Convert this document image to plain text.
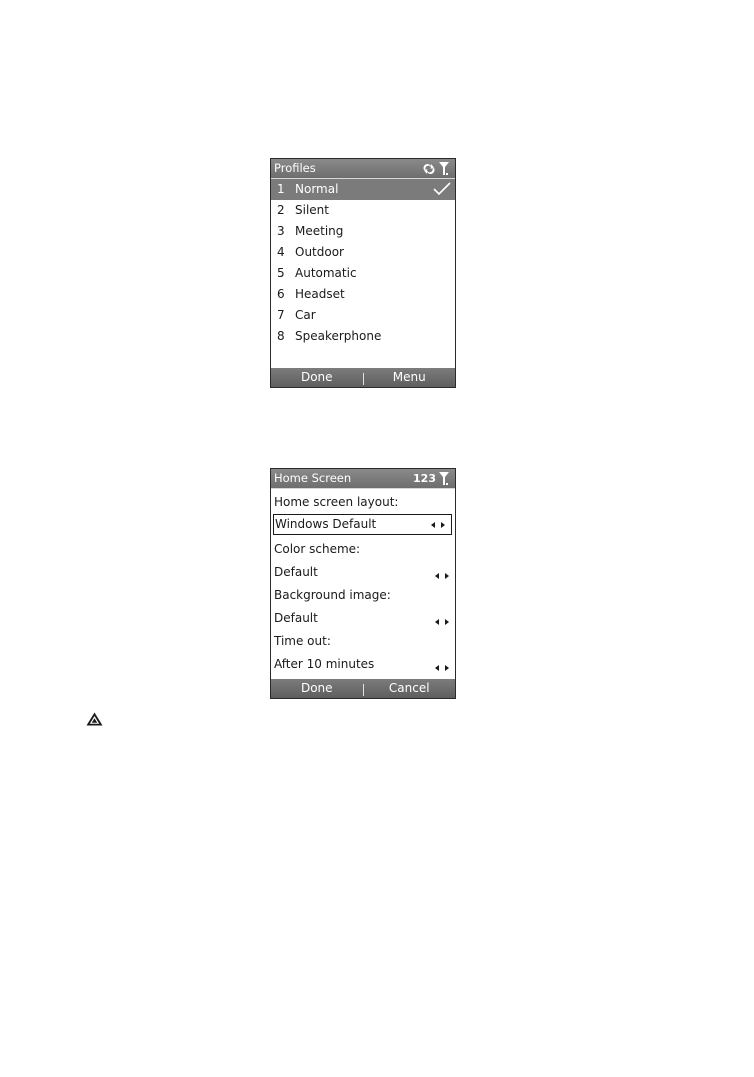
Profiles
1 Normal
2 Silent
3 Meeting
4 Outdoor
5 Automatic
6 Headset
7 Car
8 Speakerphone
Done	Menu
Home Screen	123
Home screen layout:
Windows Default
Color scheme:
Default
Background image:
Default
Time out:
After 10 minutes
Done	Cancel
